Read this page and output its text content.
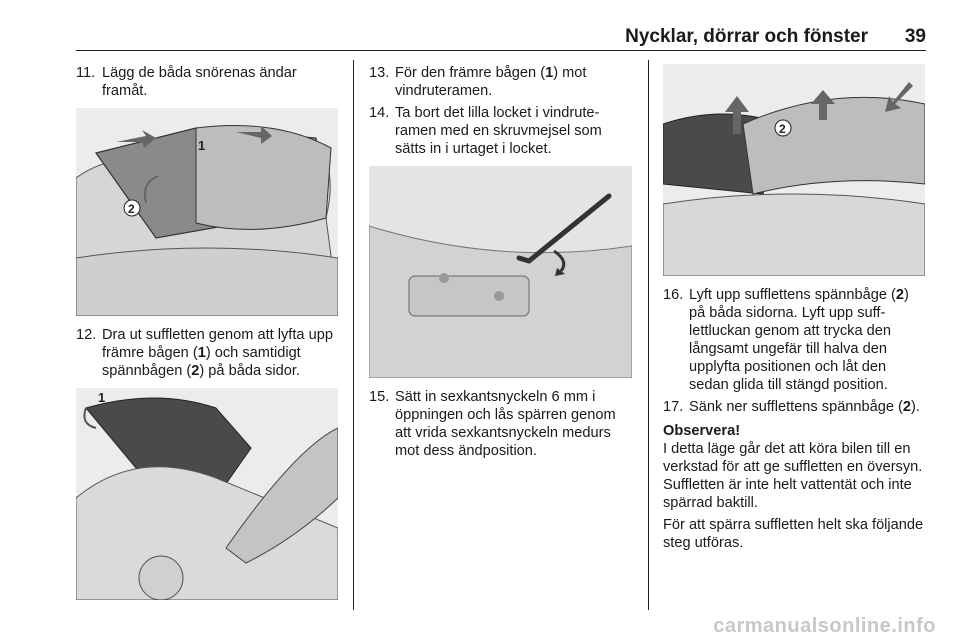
Nycklar, dörrar och fönster 39
11. Lägg de båda snörenas ändar framåt.
1
2
12. Dra ut suffletten genom att lyfta upp främre bågen (1) och samtidigt spännbågen (2) på båda sidor.
1
13. För den främre bågen (1) mot vindruteramen.
14. Ta bort det lilla locket i vindruteramen med en skruvmejsel som sätts in i urtaget i locket.
15. Sätt in sexkantsnyckeln 6 mm i öppningen och lås spärren genom att vrida sexkantsnyckeln medurs mot dess ändposition.
2
16. Lyft upp sufflettens spännbåge (2) på båda sidorna. Lyft upp sufflettluckan genom att trycka den långsamt ungefär till halva den upplyfta positionen och låt den sedan glida till stängd position.
17. Sänk ner sufflettens spännbåge (2).
Observera!
I detta läge går det att köra bilen till en verkstad för att ge suffletten en översyn. Suffletten är inte helt vattentät och inte spärrad baktill.
För att spärra suffletten helt ska följande steg utföras.
carmanualsonline.info
